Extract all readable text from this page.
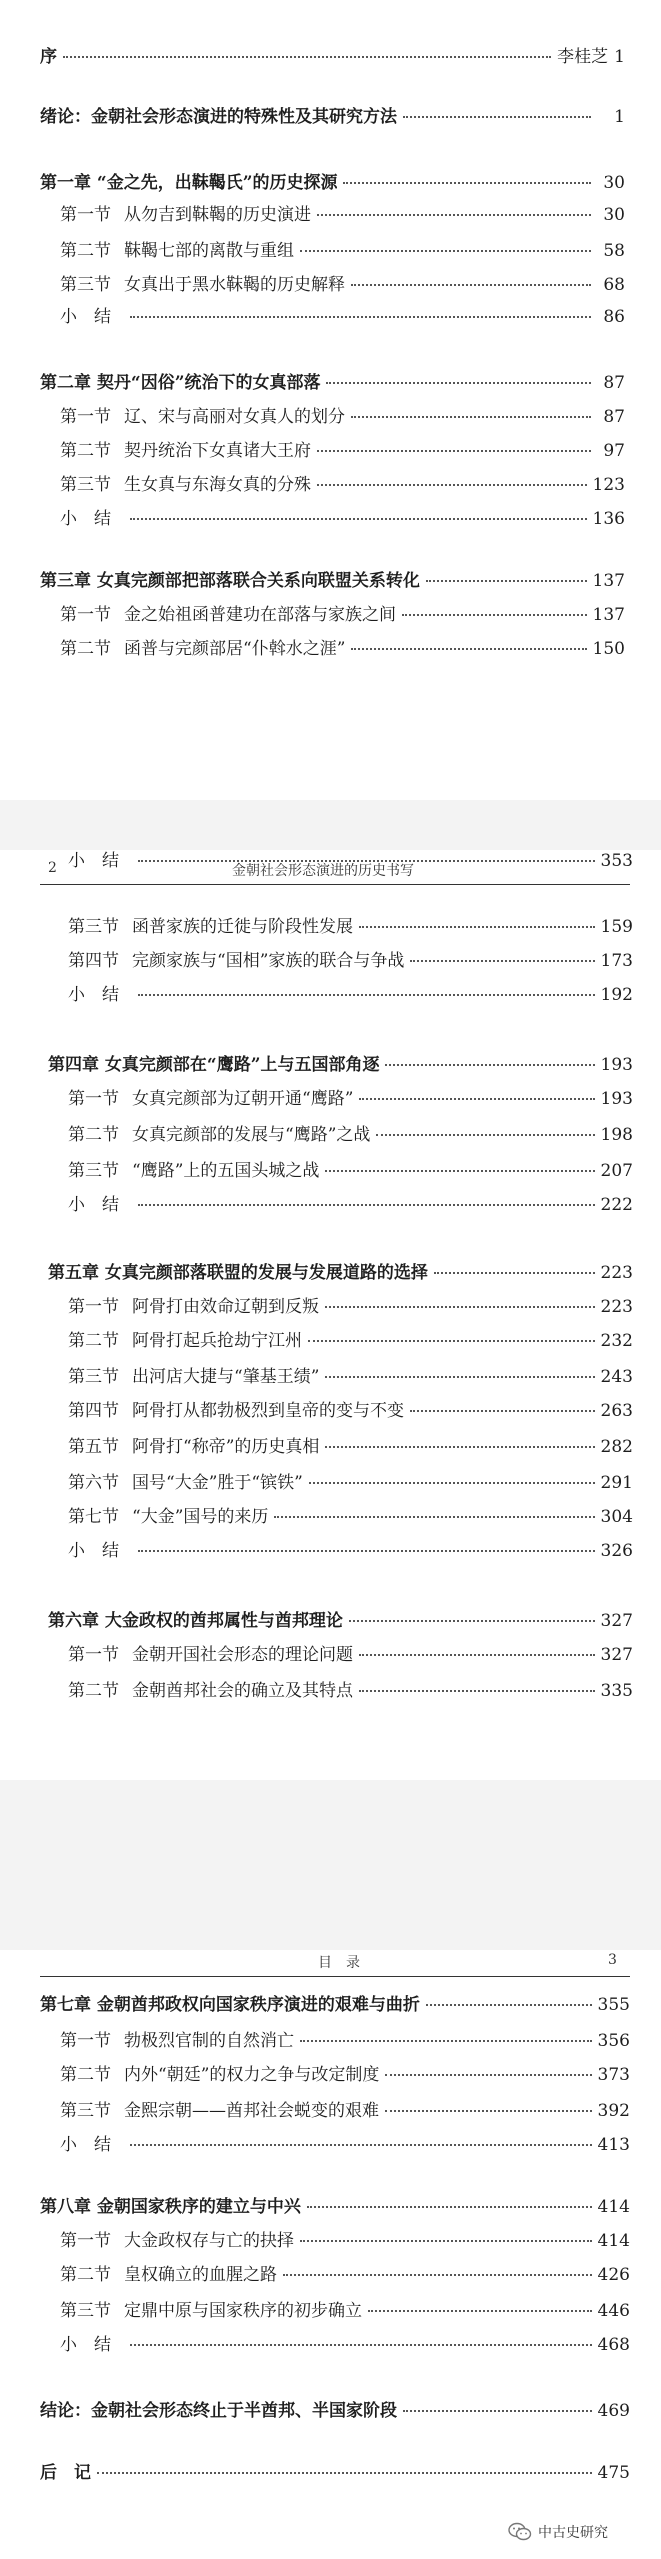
序	李桂芝 1
绪论：金朝社会形态演进的特殊性及其研究方法	1
第一章 “金之先，出靺鞨氏”的历史探源	30
第一节 从勿吉到靺鞨的历史演进	30
第二节 靺鞨七部的离散与重组	58
第三节 女真出于黑水靺鞨的历史解释	68
小　结	86
第二章 契丹“因俗”统治下的女真部落	87
第一节 辽、宋与高丽对女真人的划分	87
第二节 契丹统治下女真诸大王府	97
第三节 生女真与东海女真的分殊	123
小　结	136
第三章 女真完颜部把部落联合关系向联盟关系转化	137
第一节 金之始祖函普建功在部落与家族之间	137
第二节 函普与完颜部居“仆斡水之涯”	150
2	金朝社会形态演进的历史书写
第三节 函普家族的迁徙与阶段性发展	159
第四节 完颜家族与“国相”家族的联合与争战	173
小　结	192
第四章 女真完颜部在“鹰路”上与五国部角逐	193
第一节 女真完颜部为辽朝开通“鹰路”	193
第二节 女真完颜部的发展与“鹰路”之战	198
第三节 “鹰路”上的五国头城之战	207
小　结	222
第五章 女真完颜部落联盟的发展与发展道路的选择	223
第一节 阿骨打由效命辽朝到反叛	223
第二节 阿骨打起兵抢劫宁江州	232
第三节 出河店大捷与“肇基王绩”	243
第四节 阿骨打从都勃极烈到皇帝的变与不变	263
第五节 阿骨打“称帝”的历史真相	282
第六节 国号“大金”胜于“镔铁”	291
第七节 “大金”国号的来历	304
小　结	326
第六章 大金政权的酋邦属性与酋邦理论	327
第一节 金朝开国社会形态的理论问题	327
第二节 金朝酋邦社会的确立及其特点	335
小　结	353
目　录	3
第七章 金朝酋邦政权向国家秩序演进的艰难与曲折	355
第一节 勃极烈官制的自然消亡	356
第二节 内外“朝廷”的权力之争与改定制度	373
第三节 金熙宗朝——酋邦社会蜕变的艰难	392
小　结	413
第八章 金朝国家秩序的建立与中兴	414
第一节 大金政权存与亡的抉择	414
第二节 皇权确立的血腥之路	426
第三节 定鼎中原与国家秩序的初步确立	446
小　结	468
结论：金朝社会形态终止于半酋邦、半国家阶段	469
后　记	475
中古史研究
